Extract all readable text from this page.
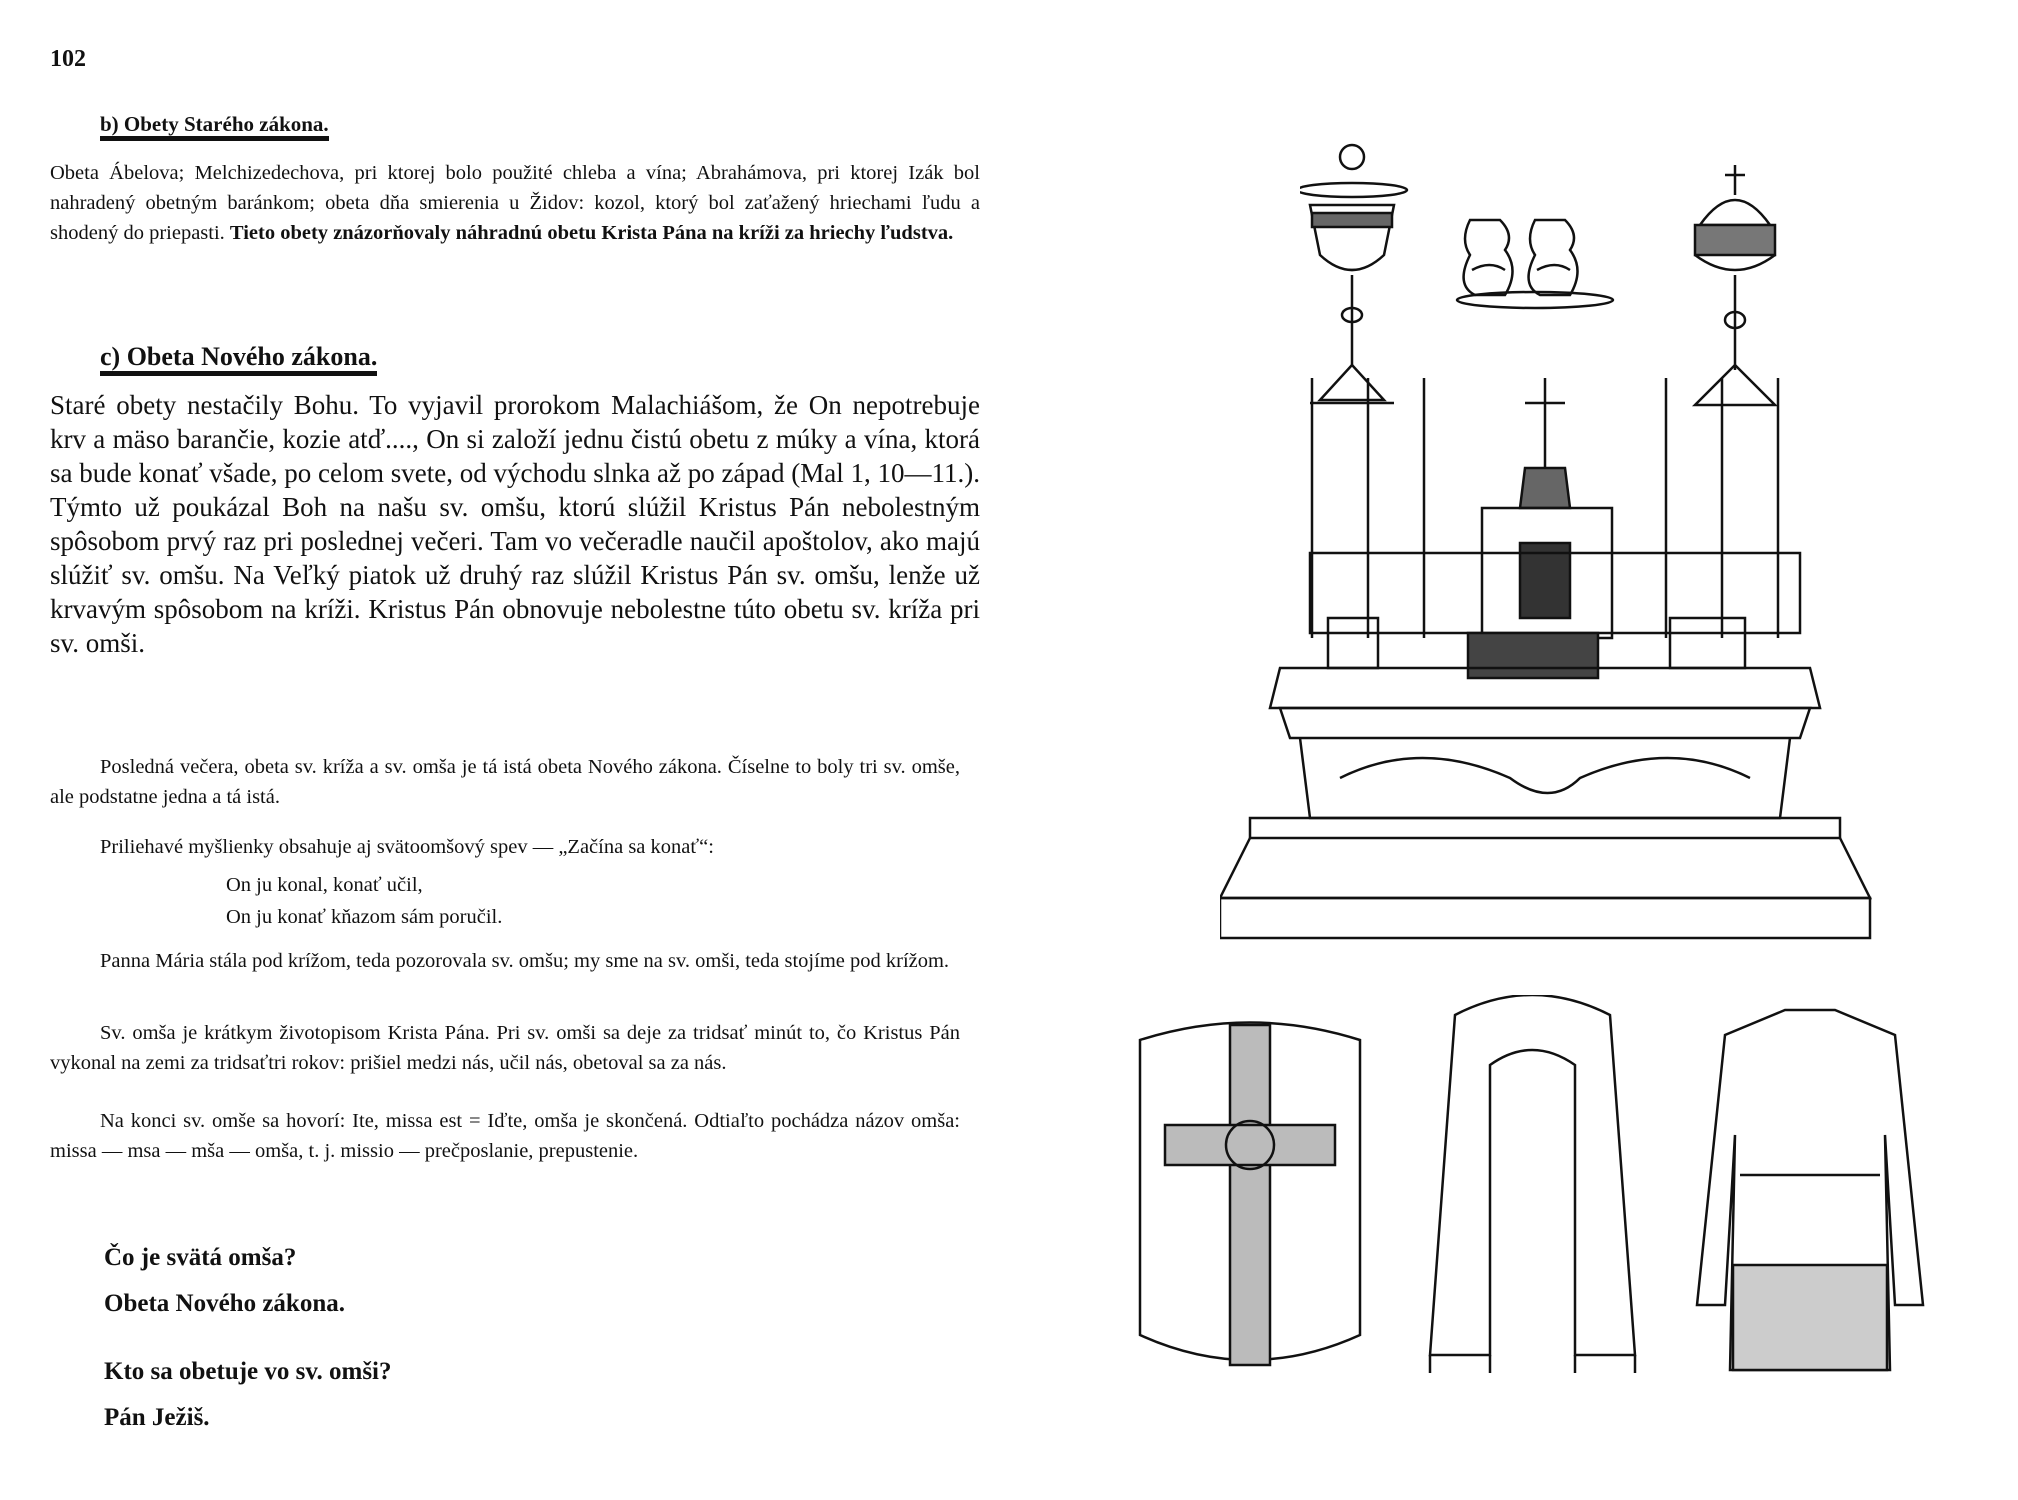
102
b) Obety Starého zákona.
Obeta Ábelova; Melchizedechova, pri ktorej bolo použité chleba a vína; Abrahámova, pri ktorej Izák bol nahradený obetným baránkom; obeta dňa smierenia u Židov: kozol, ktorý bol zaťažený hriechami ľudu a shodený do priepasti. Tieto obety znázorňovaly náhradnú obetu Krista Pána na kríži za hriechy ľudstva.
c) Obeta Nového zákona.
Staré obety nestačily Bohu. To vyjavil prorokom Malachiášom, že On nepotrebuje krv a mäso barančie, kozie atď...., On si založí jednu čistú obetu z múky a vína, ktorá sa bude konať všade, po celom svete, od východu slnka až po západ (Mal 1, 10—11.). Týmto už poukázal Boh na našu sv. omšu, ktorú slúžil Kristus Pán nebolestným spôsobom prvý raz pri poslednej večeri. Tam vo večeradle naučil apoštolov, ako majú slúžiť sv. omšu. Na Veľký piatok už druhý raz slúžil Kristus Pán sv. omšu, lenže už krvavým spôsobom na kríži. Kristus Pán obnovuje nebolestne túto obetu sv. kríža pri sv. omši.
Posledná večera, obeta sv. kríža a sv. omša je tá istá obeta Nového zákona. Číselne to boly tri sv. omše, ale podstatne jedna a tá istá.
Priliehavé myšlienky obsahuje aj svätoomšový spev — „Začína sa konať“:
On ju konal, konať učil,
On ju konať kňazom sám poručil.
Panna Mária stála pod krížom, teda pozorovala sv. omšu; my sme na sv. omši, teda stojíme pod krížom.
Sv. omša je krátkym životopisom Krista Pána. Pri sv. omši sa deje za tridsať minút to, čo Kristus Pán vykonal na zemi za tridsaťtri rokov: prišiel medzi nás, učil nás, obetoval sa za nás.
Na konci sv. omše sa hovorí: Ite, missa est = Iďte, omša je skončená. Odtiaľto pochádza názov omša: missa — msa — mša — omša, t. j. missio — prečposlanie, prepustenie.
Čo je svätá omša?
Obeta Nového zákona.
Kto sa obetuje vo sv. omši?
Pán Ježiš.
